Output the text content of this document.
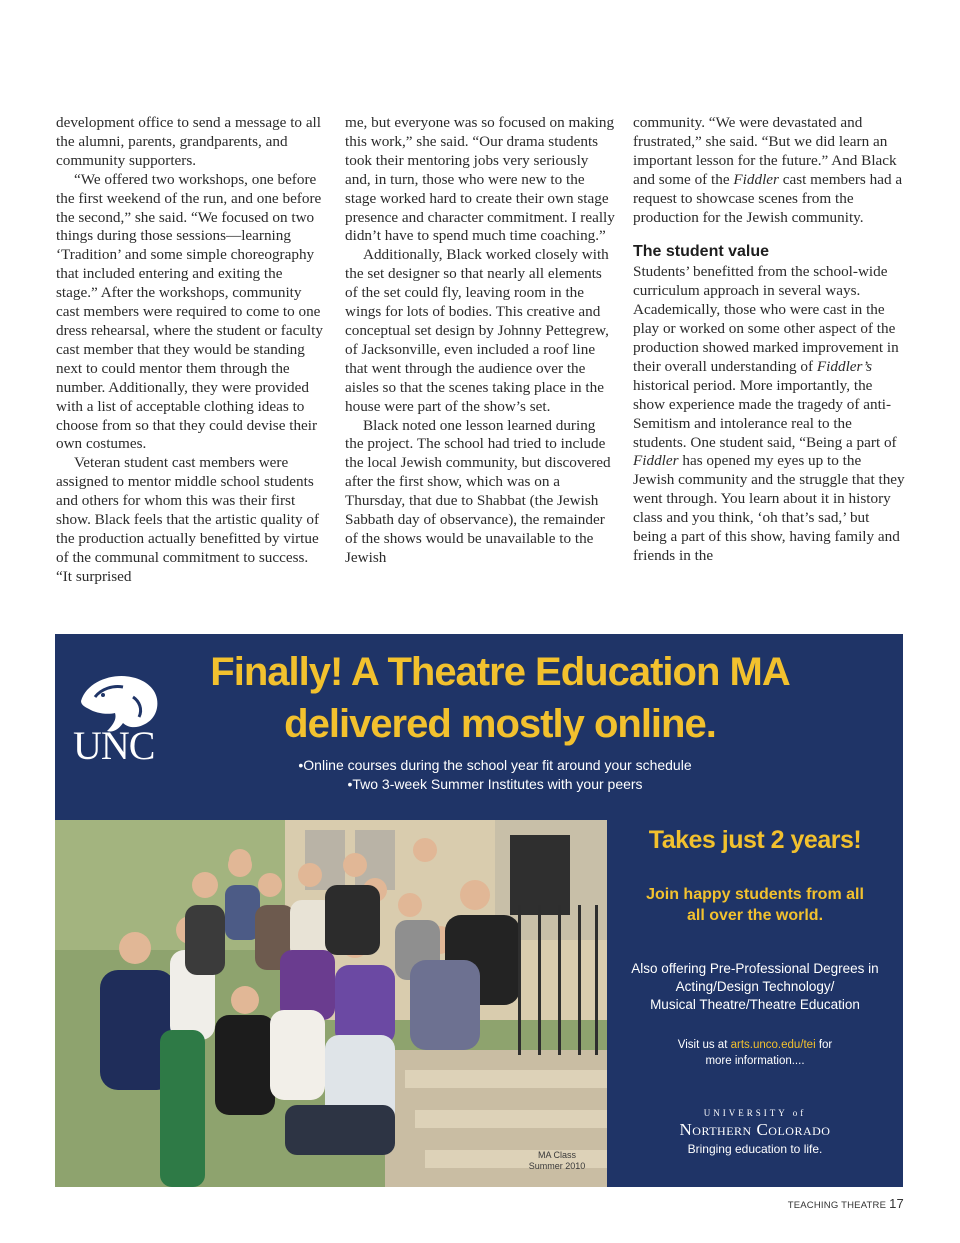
development office to send a message to all the alumni, parents, grandparents, and community supporters.

“We offered two workshops, one before the first weekend of the run, and one before the second,” she said. “We focused on two things during those sessions—learning ‘Tradition’ and some simple choreography that included entering and exiting the stage.” After the workshops, community cast members were required to come to one dress rehearsal, where the student or faculty cast member that they would be standing next to could mentor them through the number. Additionally, they were provided with a list of acceptable clothing ideas to choose from so that they could devise their own costumes.

Veteran student cast members were assigned to mentor middle school students and others for whom this was their first show. Black feels that the artistic quality of the production actually benefitted by virtue of the communal commitment to success. “It surprised

me, but everyone was so focused on making this work,” she said. “Our drama students took their mentoring jobs very seriously and, in turn, those who were new to the stage worked hard to create their own stage presence and character commitment. I really didn’t have to spend much time coaching.”

Additionally, Black worked closely with the set designer so that nearly all elements of the set could fly, leaving room in the wings for lots of bodies. This creative and conceptual set design by Johnny Pettegrew, of Jacksonville, even included a roof line that went through the audience over the aisles so that the scenes taking place in the house were part of the show’s set.

Black noted one lesson learned during the project. The school had tried to include the local Jewish community, but discovered after the first show, which was on a Thursday, that due to Shabbat (the Jewish Sabbath day of observance), the remainder of the shows would be unavailable to the Jewish

community. “We were devastated and frustrated,” she said. “But we did learn an important lesson for the future.” And Black and some of the Fiddler cast members had a request to showcase scenes from the production for the Jewish community.

The student value

Students’ benefitted from the school-wide curriculum approach in several ways. Academically, those who were cast in the play or worked on some other aspect of the production showed marked improvement in their overall understanding of Fiddler’s historical period. More importantly, the show experience made the tragedy of anti-Semitism and intolerance real to the students. One student said, “Being a part of Fiddler has opened my eyes up to the Jewish community and the struggle that they went through. You learn about it in history class and you think, ‘oh that’s sad,’ but being a part of this show, having family and friends in the

UNC
Finally! A Theatre Education MA
delivered mostly online.
•Online courses during the school year fit around your schedule
•Two 3-week Summer Institutes with your peers
MA Class
Summer 2010
Takes just 2 years!
Join happy students from all
all over the world.
Also offering Pre-Professional Degrees in
Acting/Design Technology/
Musical Theatre/Theatre Education
Visit us at arts.unco.edu/tei for
more information....
UNIVERSITY of
Northern Colorado
Bringing education to life.
TEACHING THEATRE 17
